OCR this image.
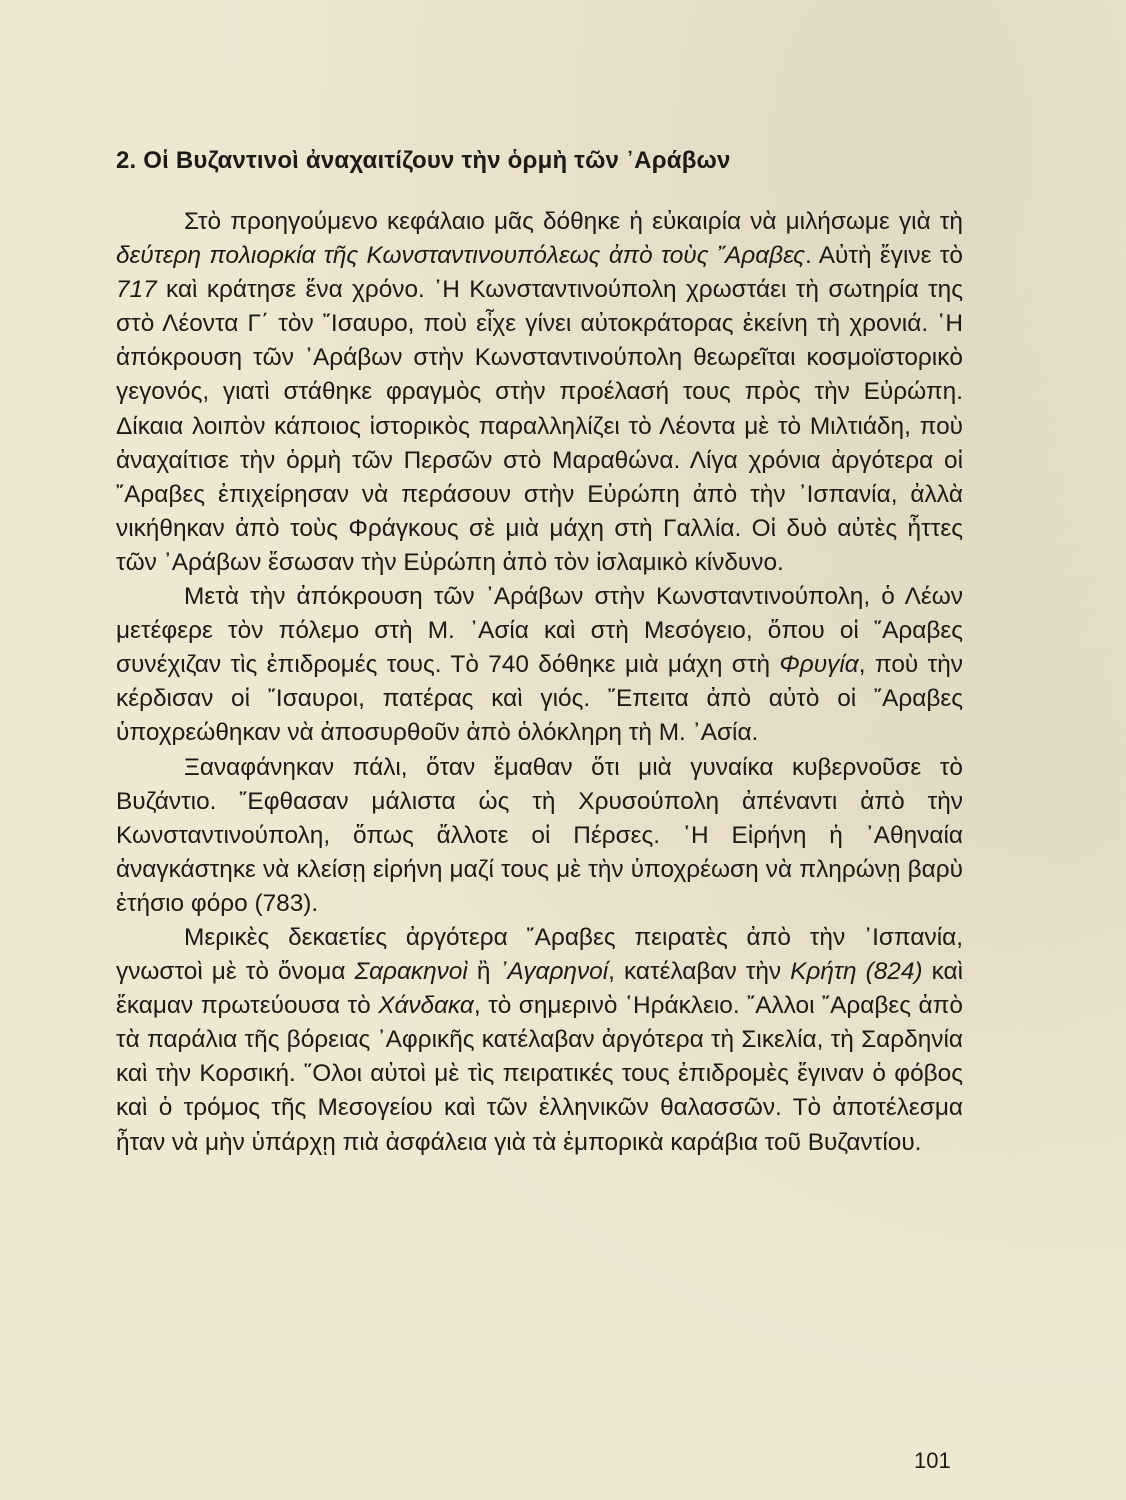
2. Οἱ Βυζαντινοὶ ἀναχαιτίζουν τὴν ὁρμὴ τῶν ᾿Αράβων

Στὸ προηγούμενο κεφάλαιο μᾶς δόθηκε ἡ εὐκαιρία νὰ μιλήσωμε γιὰ τὴ δεύτερη πολιορκία τῆς Κωνσταντινουπόλεως ἀπὸ τοὺς ῎Αραβες. Αὐτὴ ἔγινε τὸ 717 καὶ κράτησε ἕνα χρόνο. ῾Η Κωνσταντινούπολη χρωστάει τὴ σωτηρία της στὸ Λέοντα Γ΄ τὸν ῎Ισαυρο, ποὺ εἶχε γίνει αὐτοκράτορας ἐκείνη τὴ χρονιά. ῾Η ἀπόκρουση τῶν ᾿Αράβων στὴν Κωνσταντινούπολη θεωρεῖται κοσμοϊστορικὸ γεγονός, γιατὶ στάθηκε φραγμὸς στὴν προέλασή τους πρὸς τὴν Εὐρώπη. Δίκαια λοιπὸν κάποιος ἱστορικὸς παραλληλίζει τὸ Λέοντα μὲ τὸ Μιλτιάδη, ποὺ ἀναχαίτισε τὴν ὁρμὴ τῶν Περσῶν στὸ Μαραθώνα. Λίγα χρόνια ἀργότερα οἱ ῎Αραβες ἐπιχείρησαν νὰ περάσουν στὴν Εὐρώπη ἀπὸ τὴν ᾿Ισπανία, ἀλλὰ νικήθηκαν ἀπὸ τοὺς Φράγκους σὲ μιὰ μάχη στὴ Γαλλία. Οἱ δυὸ αὐτὲς ἧττες τῶν ᾿Αράβων ἔσωσαν τὴν Εὐρώπη ἀπὸ τὸν ἰσλαμικὸ κίνδυνο.

Μετὰ τὴν ἀπόκρουση τῶν ᾿Αράβων στὴν Κωνσταντινούπολη, ὁ Λέων μετέφερε τὸν πόλεμο στὴ Μ. ᾿Ασία καὶ στὴ Μεσόγειο, ὅπου οἱ ῎Αραβες συνέχιζαν τὶς ἐπιδρομές τους. Τὸ 740 δόθηκε μιὰ μάχη στὴ Φρυγία, ποὺ τὴν κέρδισαν οἱ ῎Ισαυροι, πατέρας καὶ γιός. ῎Επειτα ἀπὸ αὐτὸ οἱ ῎Αραβες ὑποχρεώθηκαν νὰ ἀποσυρθοῦν ἀπὸ ὁλόκληρη τὴ Μ. ᾿Ασία.

Ξαναφάνηκαν πάλι, ὅταν ἔμαθαν ὅτι μιὰ γυναίκα κυβερνοῦσε τὸ Βυζάντιο. ῎Εφθασαν μάλιστα ὡς τὴ Χρυσούπολη ἀπέναντι ἀπὸ τὴν Κωνσταντινούπολη, ὅπως ἄλλοτε οἱ Πέρσες. ῾Η Εἰρήνη ἡ ᾿Αθηναία ἀναγκάστηκε νὰ κλείσῃ εἰρήνη μαζί τους μὲ τὴν ὑποχρέωση νὰ πληρώνῃ βαρὺ ἐτήσιο φόρο (783).

Μερικὲς δεκαετίες ἀργότερα ῎Αραβες πειρατὲς ἀπὸ τὴν ᾿Ισπανία, γνωστοὶ μὲ τὸ ὄνομα Σαρακηνοὶ ἢ ᾿Αγαρηνοί, κατέλαβαν τὴν Κρήτη (824) καὶ ἔκαμαν πρωτεύουσα τὸ Χάνδακα, τὸ σημερινὸ ῾Ηράκλειο. ῎Αλλοι ῎Αραβες ἀπὸ τὰ παράλια τῆς βόρειας ᾿Αφρικῆς κατέλαβαν ἀργότερα τὴ Σικελία, τὴ Σαρδηνία καὶ τὴν Κορσική. ῞Ολοι αὐτοὶ μὲ τὶς πειρατικές τους ἐπιδρομὲς ἔγιναν ὁ φόβος καὶ ὁ τρόμος τῆς Μεσογείου καὶ τῶν ἑλληνικῶν θαλασσῶν. Τὸ ἀποτέλεσμα ἦταν νὰ μὴν ὑπάρχῃ πιὰ ἀσφάλεια γιὰ τὰ ἐμπορικὰ καράβια τοῦ Βυζαντίου.

101
